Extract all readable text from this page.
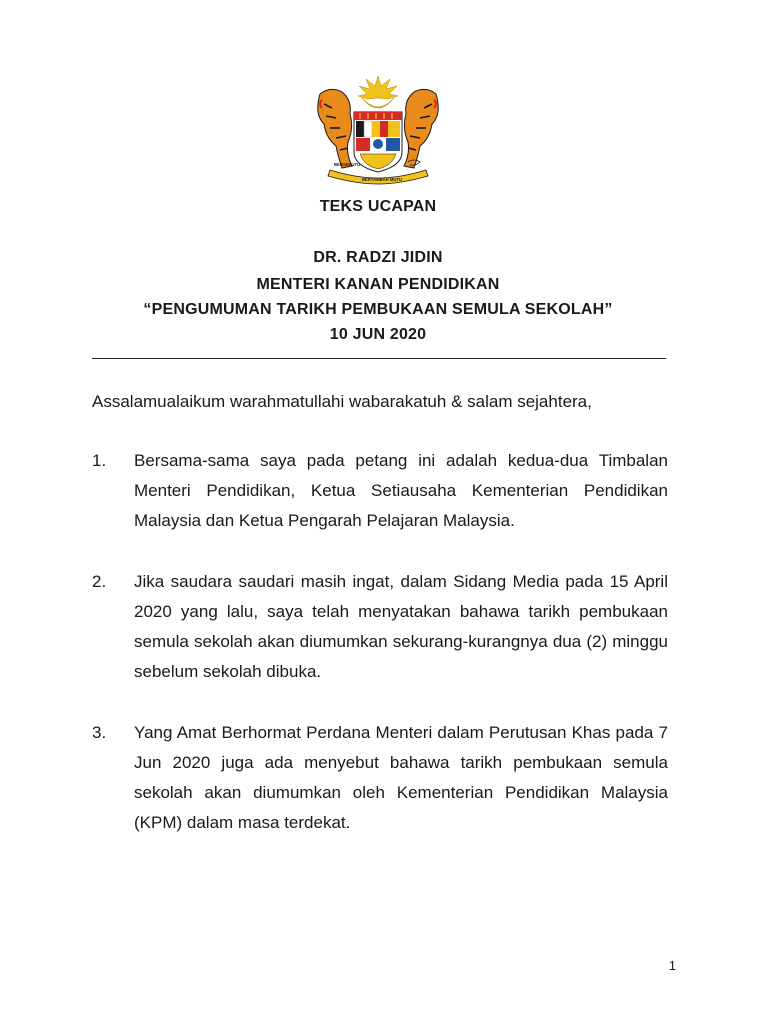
BERSEKUTU
BERTAMBAH MUTU
TEKS UCAPAN
DR. RADZI JIDIN
MENTERI KANAN PENDIDIKAN
“PENGUMUMAN TARIKH PEMBUKAAN SEMULA SEKOLAH”
10 JUN 2020
Assalamualaikum warahmatullahi wabarakatuh & salam sejahtera,
1.	Bersama-sama saya pada petang ini adalah kedua-dua Timbalan Menteri Pendidikan, Ketua Setiausaha Kementerian Pendidikan Malaysia dan Ketua Pengarah Pelajaran Malaysia.
2.	Jika saudara saudari masih ingat, dalam Sidang Media pada 15 April 2020 yang lalu, saya telah menyatakan bahawa tarikh pembukaan semula sekolah akan diumumkan sekurang-kurangnya dua (2) minggu sebelum sekolah dibuka.
3.	Yang Amat Berhormat Perdana Menteri dalam Perutusan Khas pada 7 Jun 2020 juga ada menyebut bahawa tarikh pembukaan semula sekolah akan diumumkan oleh Kementerian Pendidikan Malaysia (KPM) dalam masa terdekat.
1
